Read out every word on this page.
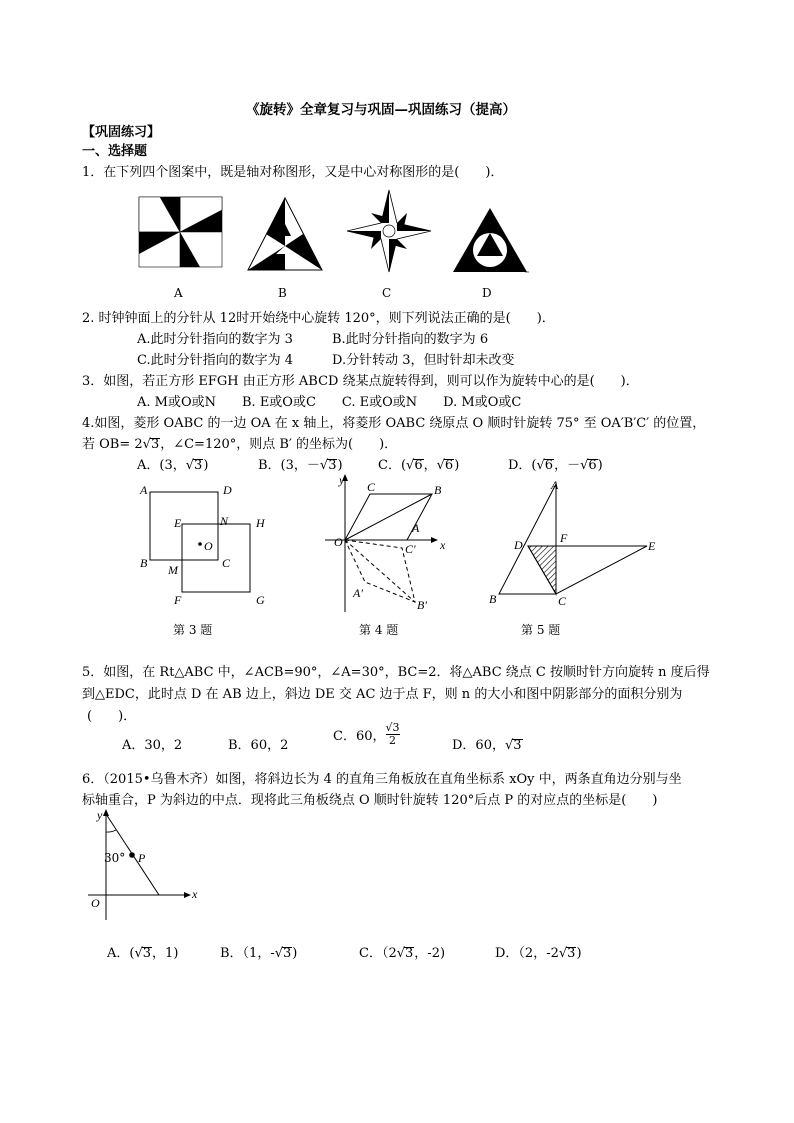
《旋转》全章复习与巩固—巩固练习（提高）
【巩固练习】
一、选择题
1．在下列四个图案中，既是轴对称图形，又是中心对称图形的是(　　)．
A	B	C	D
2. 时钟钟面上的分针从 12时开始绕中心旋转 120°，则下列说法正确的是(　　)．
A.此时分针指向的数字为 3	B.此时分针指向的数字为 6
C.此时分针指向的数字为 4	D.分针转动 3，但时针却未改变
3．如图，若正方形 EFGH 由正方形 ABCD 绕某点旋转得到，则可以作为旋转中心的是(　　)．
A. M或O或N　　B. E或O或C　　C. E或O或N　　D. M或O或C
4.如图，菱形 OABC 的一边 OA 在 x 轴上，将菱形 OABC 绕原点 O 顺时针旋转 75° 至 OA′B′C′ 的位置，
若 OB= 2√3，∠C=120°，则点 B′ 的坐标为(　　)．
A．(3，√3)	B．(3，－√3)	C．(√6，√6)	D．(√6，－√6)
A	D
E	N H
O
B M	C
F	G
第 3 题
y C	B
A
O	x
C′
A′
B′
第 4 题
A
D	F
E
B	C
第 5 题
5．如图，在 Rt△ABC 中，∠ACB=90°，∠A=30°，BC=2．将△ABC 绕点 C 按顺时针方向旋转 n 度后得
到△EDC，此时点 D 在 AB 边上，斜边 DE 交 AC 边于点 F，则 n 的大小和图中阴影部分的面积分别为
(　　)．
A．30，2	B．60，2
C．60， $\frac{√3}{2}$	D．60，√3
6．（2015•乌鲁木齐）如图，将斜边长为 4 的直角三角板放在直角坐标系 xOy 中，两条直角边分别与坐
标轴重合，P 为斜边的中点．现将此三角板绕点 O 顺时针旋转 120°后点 P 的对应点的坐标是(　　)
y
30° P
O
x
A．(√3，1)	B．（1，-√3)	C．（2√3，-2)	D．（2，-2√3)
